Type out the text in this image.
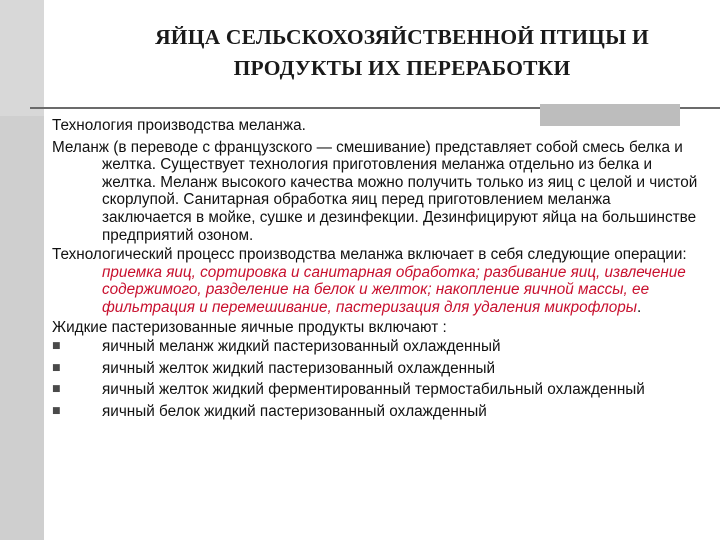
ЯЙЦА СЕЛЬСКОХОЗЯЙСТВЕННОЙ ПТИЦЫ И ПРОДУКТЫ ИХ ПЕРЕРАБОТКИ

Технология производства меланжа.

Меланж (в переводе с французского — смешивание) представляет собой смесь белка и желтка. Существует технология приготовления меланжа отдельно из белка и желтка. Меланж высокого качества можно получить только из яиц с целой и чистой скорлупой. Санитарная обработка яиц перед приготовлением меланжа заключается в мойке, сушке и дезинфекции. Дезинфицируют яйца на большинстве предприятий озоном.

Технологический процесс производства меланжа включает в себя следующие операции: приемка яиц, сортировка и санитарная обработка; разбивание яиц, извлечение содержимого, разделение на белок и желток; накопление яичной массы, ее фильтрация и перемешивание, пастеризация для удаления микрофлоры.

Жидкие пастеризованные яичные продукты включают :

■	яичный меланж жидкий пастеризованный охлажденный
■	яичный желток жидкий пастеризованный охлажденный
■	яичный желток жидкий ферментированный термостабильный охлажденный
■	яичный белок жидкий пастеризованный охлажденный
